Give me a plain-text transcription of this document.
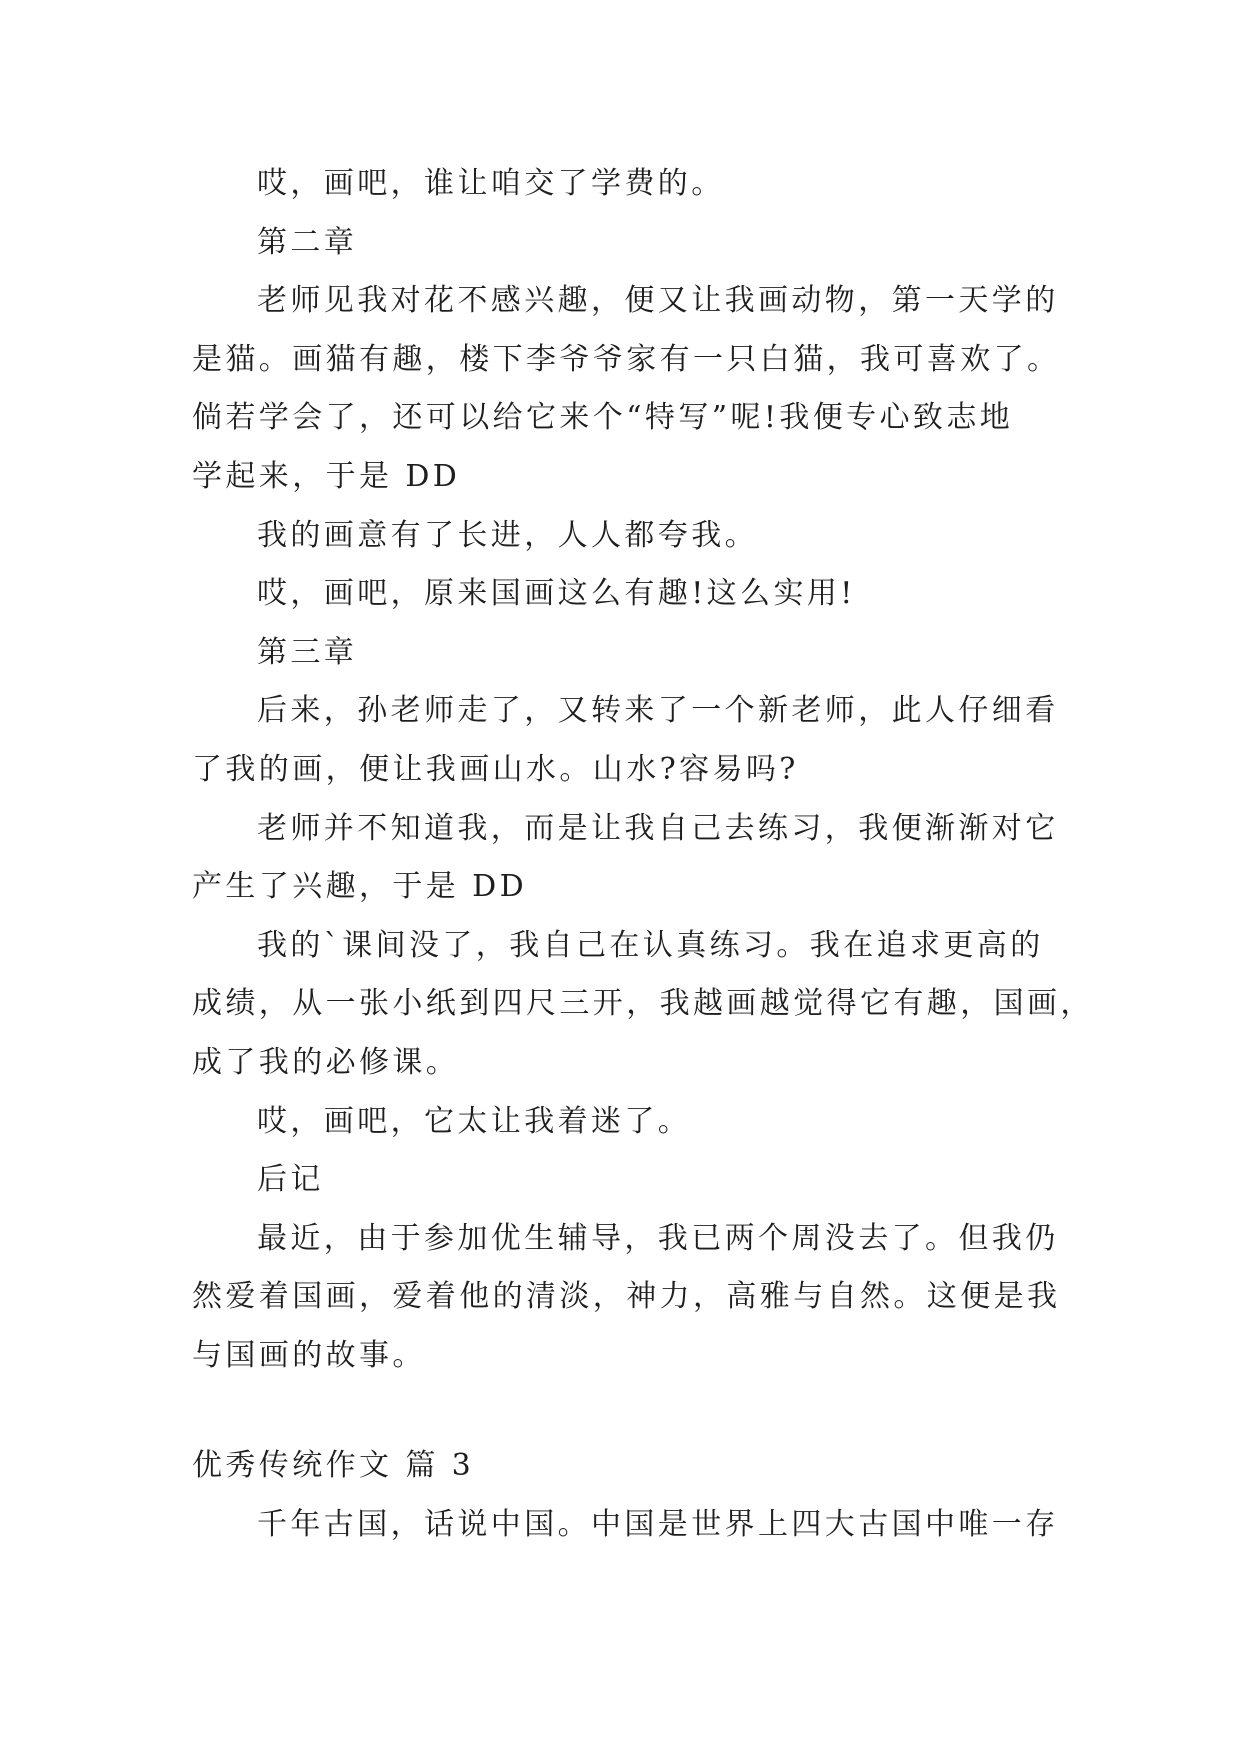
哎，画吧，谁让咱交了学费的。
第二章
老师见我对花不感兴趣，便又让我画动物，第一天学的
是猫。画猫有趣，楼下李爷爷家有一只白猫，我可喜欢了。
倘若学会了，还可以给它来个“特写”呢!我便专心致志地
学起来，于是 DD
我的画意有了长进，人人都夸我。
哎，画吧，原来国画这么有趣!这么实用!
第三章
后来，孙老师走了，又转来了一个新老师，此人仔细看
了我的画，便让我画山水。山水?容易吗?
老师并不知道我，而是让我自己去练习，我便渐渐对它
产生了兴趣，于是 DD
我的`课间没了，我自己在认真练习。我在追求更高的
成绩，从一张小纸到四尺三开，我越画越觉得它有趣，国画，
成了我的必修课。
哎，画吧，它太让我着迷了。
后记
最近，由于参加优生辅导，我已两个周没去了。但我仍
然爱着国画，爱着他的清淡，神力，高雅与自然。这便是我
与国画的故事。
优秀传统作文 篇 3
千年古国，话说中国。中国是世界上四大古国中唯一存
